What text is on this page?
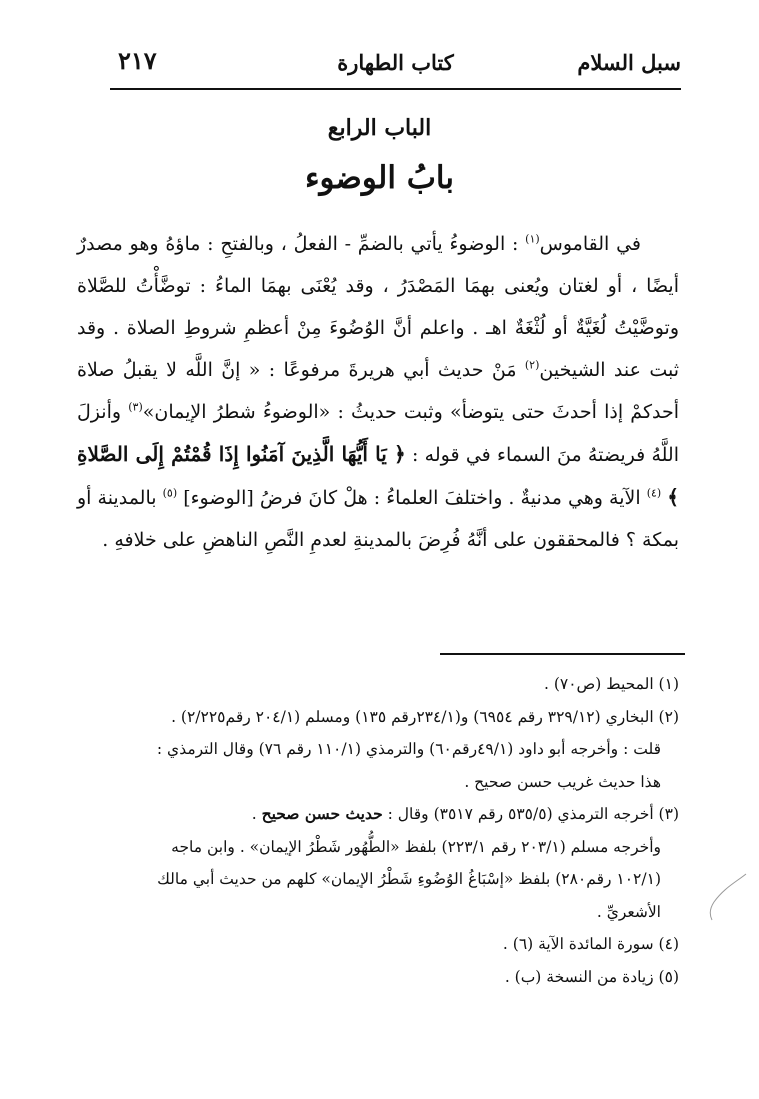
سبل السلام
كتاب الطهارة
٢١٧
الباب الرابع
بابُ الوضوء

في القاموس$^{(١)}$ : الوضوءُ يأتي بالضمِّ - الفعلُ ، وبالفتحِ : ماؤهُ وهو مصدرٌ أيضًا ، أو لغتان ويُعنى بهمَا المَصْدَرُ ، وقد يُعْنَى بهمَا الماءُ : توضَّأْتُ للصَّلاة وتوضَّيْتُ لُغَيَّةٌ أو لُثْغَةٌ اهـ . واعلم أنَّ الوُضُوءَ مِنْ أعظمِ شروطِ الصلاة . وقد ثبت عند الشيخين$^{(٢)}$ مَنْ حديث أبي هريرةَ مرفوعًا : « إنَّ اللَّه لا يقبلُ صلاة أحدكمْ إذا أحدثَ حتى يتوضأ» وثبت حديثُ : «الوضوءُ شطرُ الإيمان»$^{(٣)}$ وأنزلَ اللَّهُ فريضتهُ منَ السماء في قوله : ﴿ يَا أَيُّهَا الَّذِينَ آمَنُوا إِذَا قُمْتُمْ إِلَى الصَّلاةِ ﴾ $^{(٤)}$ الآية وهي مدنيةٌ . واختلفَ العلماءُ : هلْ كانَ فرضُ [الوضوء] $^{(٥)}$ بالمدينة أو بمكة ؟ فالمحققون على أنَّهُ فُرِضَ بالمدينةِ لعدمِ النَّصِ الناهضِ على خلافهِ .

(١) المحيط (ص٧٠) .
(٢) البخاري (٣٢٩/١٢ رقم ٦٩٥٤) و(٢٣٤/١رقم ١٣٥) ومسلم (٢٠٤/١ رقم٢/٢٢٥) .
قلت : وأخرجه أبو داود (٤٩/١رقم٦٠) والترمذي (١١٠/١ رقم ٧٦) وقال الترمذي :
هذا حديث غريب حسن صحيح .
(٣) أخرجه الترمذي (٥٣٥/٥ رقم ٣٥١٧) وقال : حديث حسن صحيح .
وأخرجه مسلم (٢٠٣/١ رقم ٢٢٣/١) بلفظ «الطُّهُور شَطْرُ الإيمان» . وابن ماجه
(١٠٢/١ رقم٢٨٠) بلفظ «إسْبَاغُ الوُضُوءِ شَطْرُ الإيمان» كلهم من حديث أبي مالك
الأشعريِّ .
(٤) سورة المائدة الآية (٦) .
(٥) زيادة من النسخة (ب) .
